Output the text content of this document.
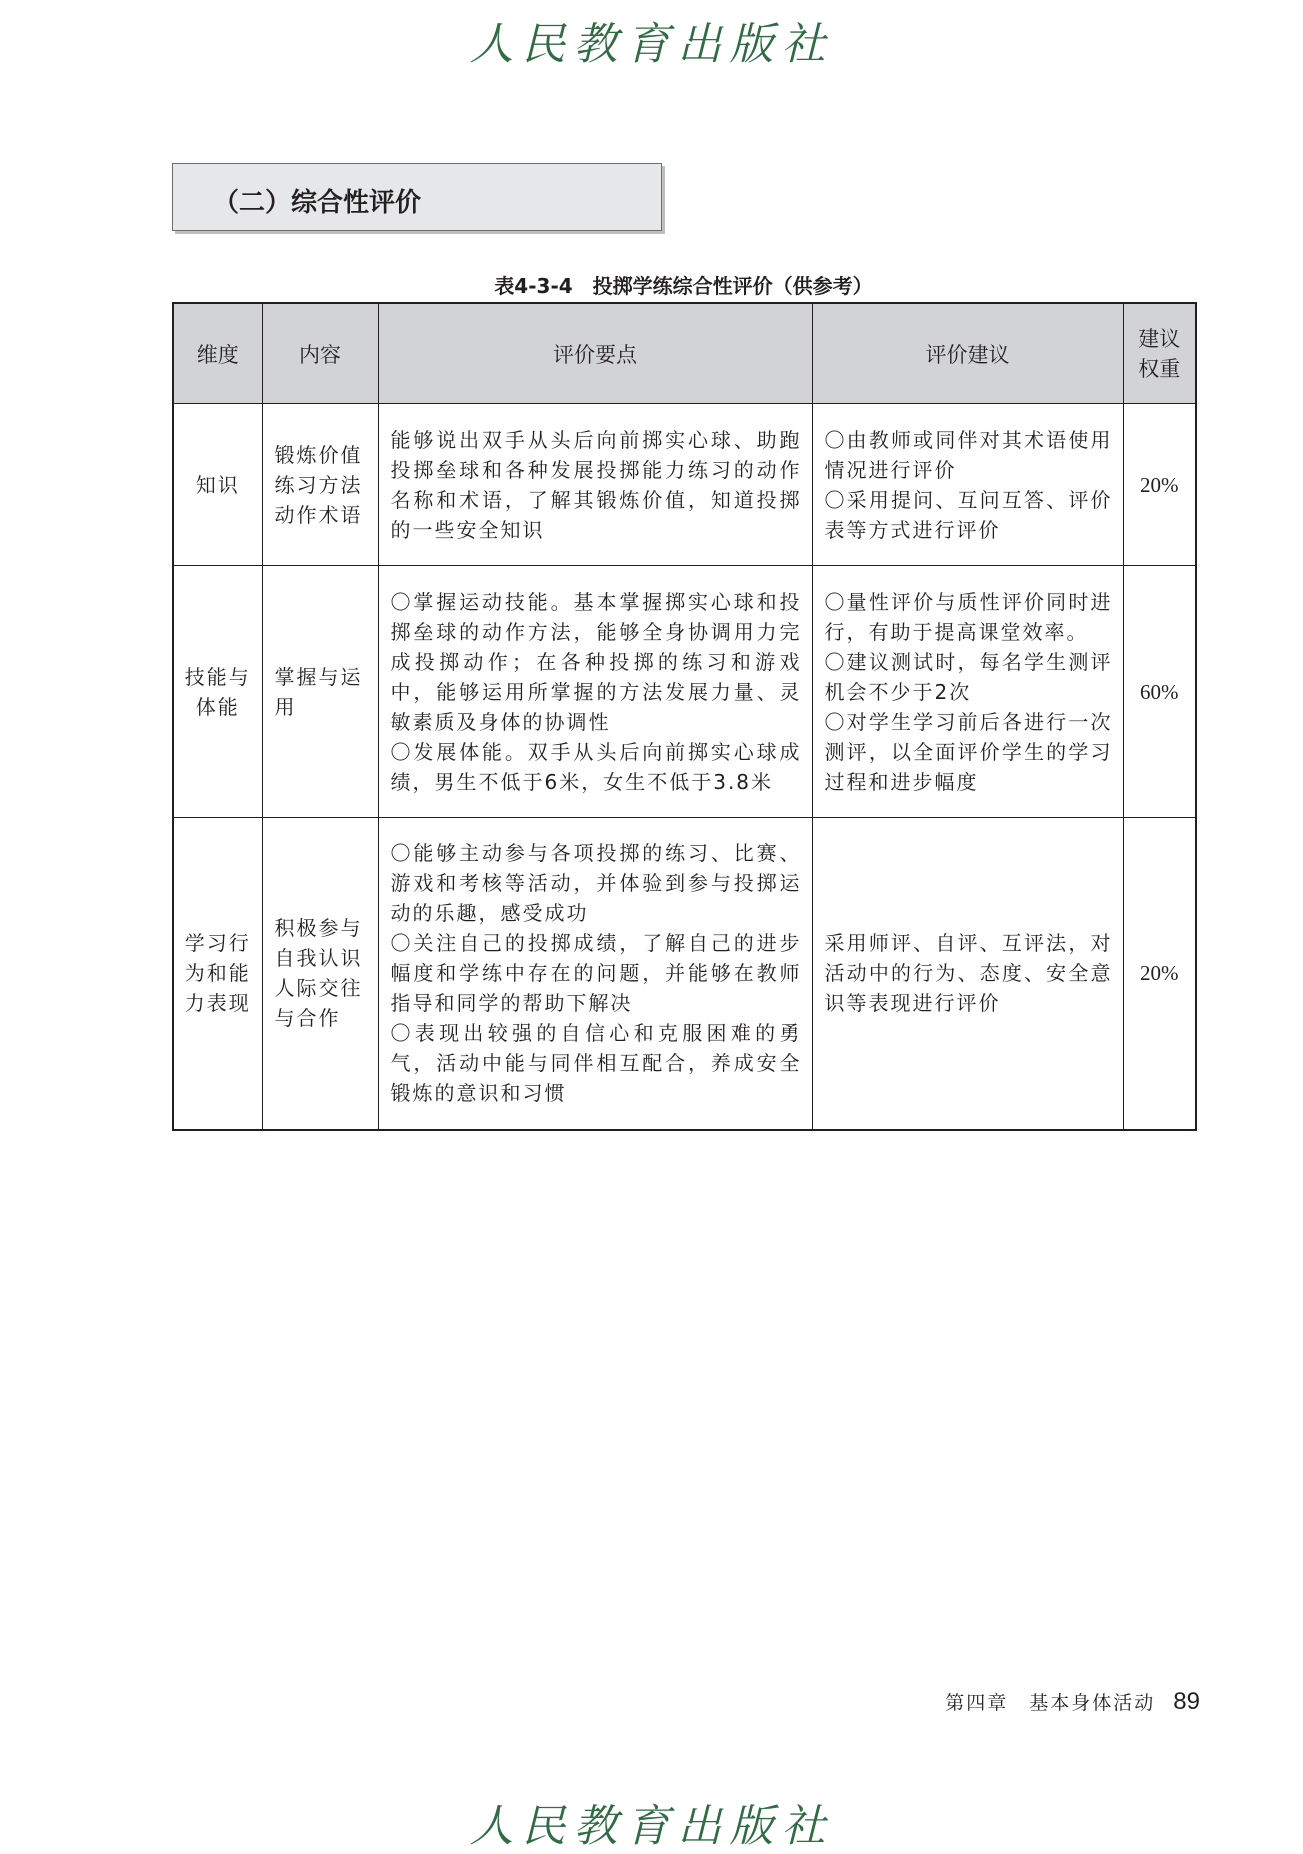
人民教育出版社
（二）综合性评价
表4-3-4　投掷学练综合性评价（供参考）
维度	内容	评价要点	评价建议	建议
权重
知识	锻炼价值
练习方法
动作术语	能够说出双手从头后向前掷实心球、助跑投掷垒球和各种发展投掷能力练习的动作名称和术语，了解其锻炼价值，知道投掷的一些安全知识	〇由教师或同伴对其术语使用情况进行评价
〇采用提问、互问互答、评价表等方式进行评价	20%
技能与
体能	掌握与运
用	〇掌握运动技能。基本掌握掷实心球和投掷垒球的动作方法，能够全身协调用力完成投掷动作；在各种投掷的练习和游戏中，能够运用所掌握的方法发展力量、灵敏素质及身体的协调性
〇发展体能。双手从头后向前掷实心球成绩，男生不低于6米，女生不低于3.8米	〇量性评价与质性评价同时进行，有助于提高课堂效率。
〇建议测试时，每名学生测评机会不少于2次
〇对学生学习前后各进行一次测评，以全面评价学生的学习过程和进步幅度	60%
学习行
为和能
力表现	积极参与
自我认识
人际交往
与合作	〇能够主动参与各项投掷的练习、比赛、游戏和考核等活动，并体验到参与投掷运动的乐趣，感受成功
〇关注自己的投掷成绩，了解自己的进步幅度和学练中存在的问题，并能够在教师指导和同学的帮助下解决
〇表现出较强的自信心和克服困难的勇气，活动中能与同伴相互配合，养成安全锻炼的意识和习惯	采用师评、自评、互评法，对活动中的行为、态度、安全意识等表现进行评价	20%
第四章　基本身体活动 89
人民教育出版社
